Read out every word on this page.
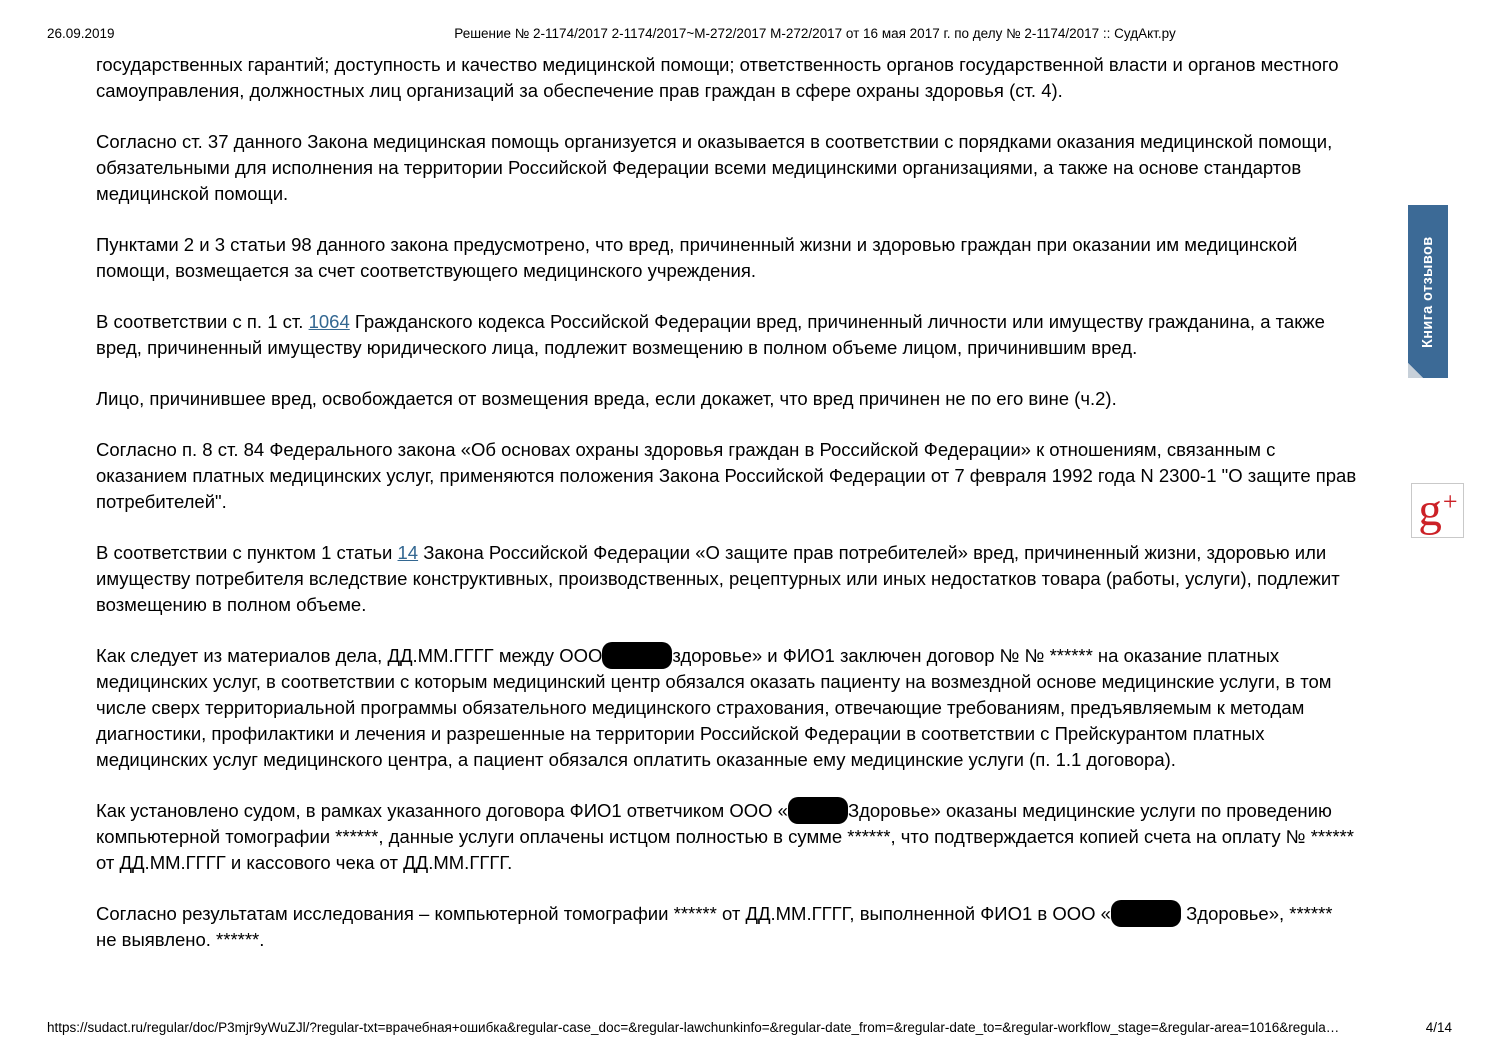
26.09.2019	Решение № 2-1174/2017 2-1174/2017~М-272/2017 М-272/2017 от 16 мая 2017 г. по делу № 2-1174/2017 :: СудАкт.ру

государственных гарантий; доступность и качество медицинской помощи; ответственность органов государственной власти и органов местного самоуправления, должностных лиц организаций за обеспечение прав граждан в сфере охраны здоровья (ст. 4).

Согласно ст. 37 данного Закона медицинская помощь организуется и оказывается в соответствии с порядками оказания медицинской помощи, обязательными для исполнения на территории Российской Федерации всеми медицинскими организациями, а также на основе стандартов медицинской помощи.

Пунктами 2 и 3 статьи 98 данного закона предусмотрено, что вред, причиненный жизни и здоровью граждан при оказании им медицинской помощи, возмещается за счет соответствующего медицинского учреждения.

В соответствии с п. 1 ст. 1064 Гражданского кодекса Российской Федерации вред, причиненный личности или имуществу гражданина, а также вред, причиненный имуществу юридического лица, подлежит возмещению в полном объеме лицом, причинившим вред.

Лицо, причинившее вред, освобождается от возмещения вреда, если докажет, что вред причинен не по его вине (ч.2).

Согласно п. 8 ст. 84 Федерального закона «Об основах охраны здоровья граждан в Российской Федерации» к отношениям, связанным с оказанием платных медицинских услуг, применяются положения Закона Российской Федерации от 7 февраля 1992 года N 2300-1 "О защите прав потребителей".

В соответствии с пунктом 1 статьи 14 Закона Российской Федерации «О защите прав потребителей» вред, причиненный жизни, здоровью или имуществу потребителя вследствие конструктивных, производственных, рецептурных или иных недостатков товара (работы, услуги), подлежит возмещению в полном объеме.

Как следует из материалов дела, ДД.ММ.ГГГГ между ООО	здоровье» и ФИО1 заключен договор № № ****** на оказание платных медицинских услуг, в соответствии с которым медицинский центр обязался оказать пациенту на возмездной основе медицинские услуги, в том числе сверх территориальной программы обязательного медицинского страхования, отвечающие требованиям, предъявляемым к методам диагностики, профилактики и лечения и разрешенные на территории Российской Федерации в соответствии с Прейскурантом платных медицинских услуг медицинского центра, а пациент обязался оплатить оказанные ему медицинские услуги (п. 1.1 договора).

Как установлено судом, в рамках указанного договора ФИО1 ответчиком ООО «	Здоровье» оказаны медицинские услуги по проведению компьютерной томографии ******, данные услуги оплачены истцом полностью в сумме ******, что подтверждается копией счета на оплату № ****** от ДД.ММ.ГГГГ и кассового чека от ДД.ММ.ГГГГ.

Согласно результатам исследования – компьютерной томографии ****** от ДД.ММ.ГГГГ, выполненной ФИО1 в ООО «	Здоровье», ****** не выявлено. ******.

Книга отзывов
g+
https://sudact.ru/regular/doc/P3mjr9yWuZJl/?regular-txt=врачебная+ошибка&regular-case_doc=&regular-lawchunkinfo=&regular-date_from=&regular-date_to=&regular-workflow_stage=&regular-area=1016&regula…	4/14
